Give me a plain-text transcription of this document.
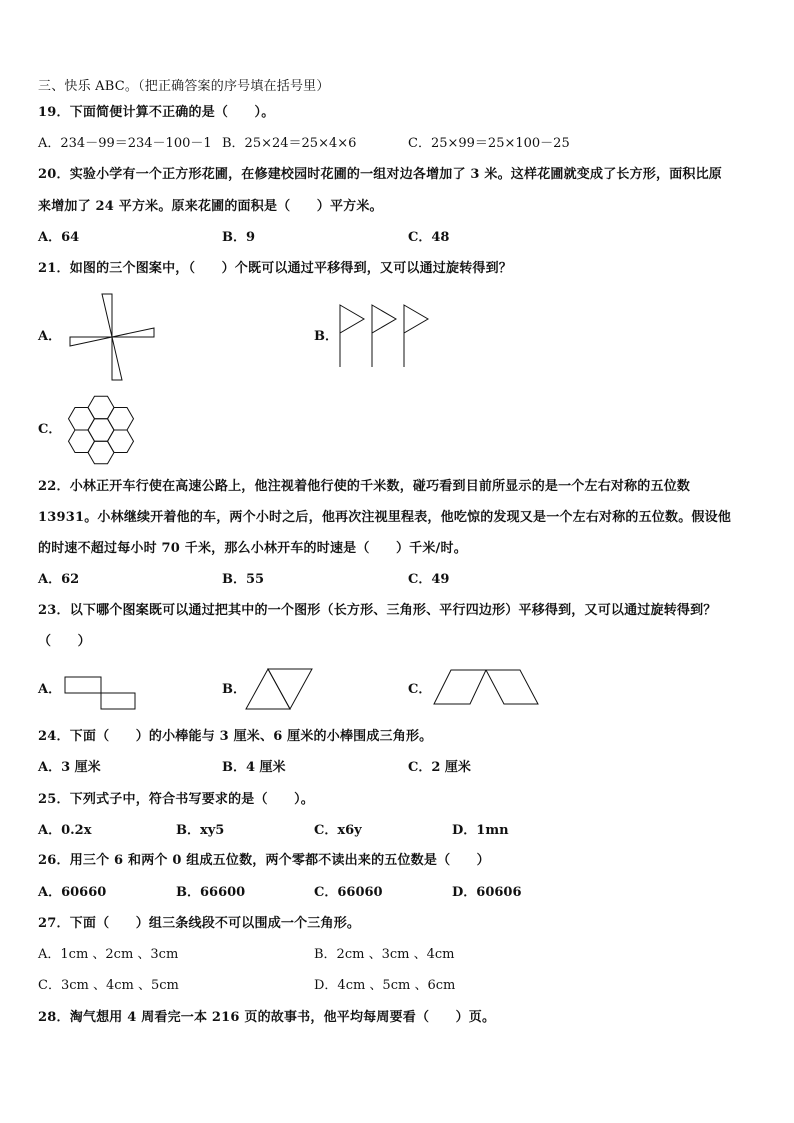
三、快乐 ABC。（把正确答案的序号填在括号里）
19．下面简便计算不正确的是（　　）。
A．234－99＝234－100－1 B．25×24＝25×4×6	C．25×99＝25×100－25
20．实验小学有一个正方形花圃，在修建校园时花圃的一组对边各增加了 3 米。这样花圃就变成了长方形，面积比原
来增加了 24 平方米。原来花圃的面积是（　　）平方米。
A．64	B．9	C．48
21．如图的三个图案中，（　　）个既可以通过平移得到，又可以通过旋转得到？
A．	B．
C．
22．小林正开车行使在高速公路上，他注视着他行使的千米数，碰巧看到目前所显示的是一个左右对称的五位数
13931。小林继续开着他的车，两个小时之后，他再次注视里程表，他吃惊的发现又是一个左右对称的五位数。假设他
的时速不超过每小时 70 千米，那么小林开车的时速是（　　）千米/时。
A．62	B．55	C．49
23．以下哪个图案既可以通过把其中的一个图形（长方形、三角形、平行四边形）平移得到，又可以通过旋转得到？
（　　）
A．	B．	C．
24．下面（　　）的小棒能与 3 厘米、6 厘米的小棒围成三角形。
A．3 厘米	B．4 厘米	C．2 厘米
25．下列式子中，符合书写要求的是（　　）。
A．0.2x	B．xy5	C．x6y	D．1mn
26．用三个 6 和两个 0 组成五位数，两个零都不读出来的五位数是（　　）
A．60660	B．66600	C．66060	D．60606
27．下面（　　）组三条线段不可以围成一个三角形。
A．1cm 、2cm 、3cm	B．2cm 、3cm 、4cm
C．3cm 、4cm 、5cm	D．4cm 、5cm 、6cm
28．淘气想用 4 周看完一本 216 页的故事书，他平均每周要看（　　）页。
